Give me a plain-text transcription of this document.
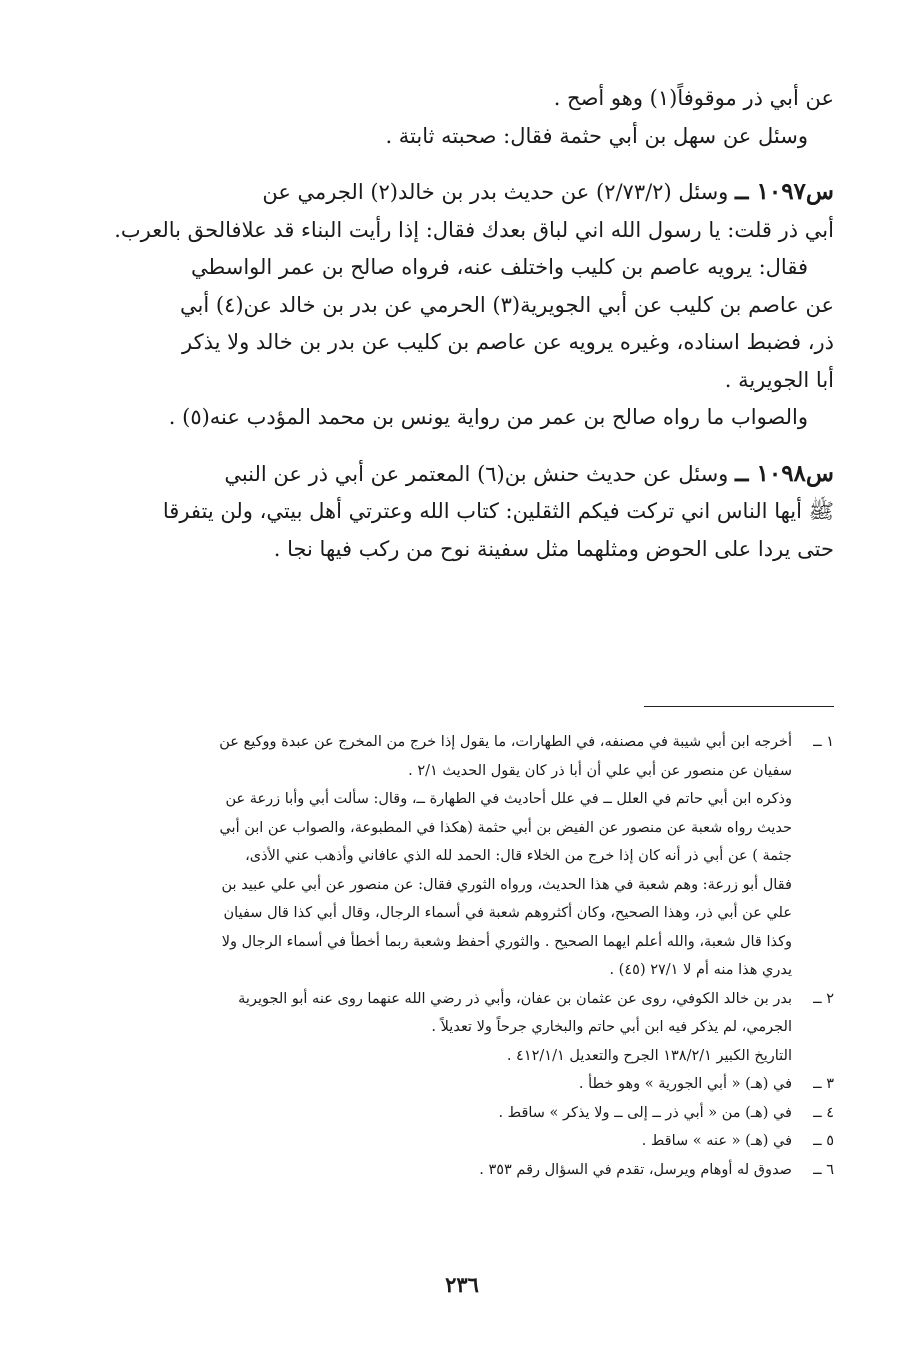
عن أبي ذر موقوفاً(١) وهو أصح .
وسئل عن سهل بن أبي حثمة فقال: صحبته ثابتة .
س١٠٩٧ ــ وسئل (٢/٧٣/٢) عن حديث بدر بن خالد(٢) الجرمي عن
أبي ذر قلت: يا رسول الله اني لباق بعدك فقال: إذا رأيت البناء قد علافالحق بالعرب.
فقال: يرويه عاصم بن كليب واختلف عنه، فرواه صالح بن عمر الواسطي
عن عاصم بن كليب عن أبي الجويرية(٣) الحرمي عن بدر بن خالد عن(٤) أبي
ذر، فضبط اسناده، وغيره يرويه عن عاصم بن كليب عن بدر بن خالد ولا يذكر
أبا الجويرية .
والصواب ما رواه صالح بن عمر من رواية يونس بن محمد المؤدب عنه(٥) .
س١٠٩٨ ــ وسئل عن حديث حنش بن(٦) المعتمر عن أبي ذر عن النبي
ﷺ أيها الناس اني تركت فيكم الثقلين: كتاب الله وعترتي أهل بيتي، ولن يتفرقا
حتى يردا على الحوض ومثلهما مثل سفينة نوح من ركب فيها نجا .
١ ــ
أخرجه ابن أبي شيبة في مصنفه، في الطهارات، ما يقول إذا خرج من المخرج عن عبدة ووكيع عن
سفيان عن منصور عن أبي علي أن أبا ذر كان يقول الحديث ٢/١ .
وذكره ابن أبي حاتم في العلل ــ في علل أحاديث في الطهارة ــ، وقال: سألت أبي وأبا زرعة عن
حديث رواه شعبة عن منصور عن الفيض بن أبي حثمة (هكذا في المطبوعة، والصواب عن ابن أبي
جثمة ) عن أبي ذر أنه كان إذا خرج من الخلاء قال: الحمد لله الذي عافاني وأذهب عني الأذى،
فقال أبو زرعة: وهم شعبة في هذا الحديث، ورواه الثوري فقال: عن منصور عن أبي علي عبيد بن
علي عن أبي ذر، وهذا الصحيح، وكان أكثروهم شعبة في أسماء الرجال، وقال أبي كذا قال سفيان
وكذا قال شعبة، والله أعلم ايهما الصحيح . والثوري أحفظ وشعبة ربما أخطأ في أسماء الرجال ولا
يدري هذا منه أم لا ٢٧/١ (٤٥) .
٢ ــ
بدر بن خالد الكوفي، روى عن عثمان بن عفان، وأبي ذر رضي الله عنهما روى عنه أبو الجويرية
الجرمي، لم يذكر فيه ابن أبي حاتم والبخاري جرحاً ولا تعديلاً .
التاريخ الكبير ١٣٨/٢/١ الجرح والتعديل ٤١٢/١/١ .
٣ ــ
في (هـ) « أبي الجورية » وهو خطأ .
٤ ــ
في (هـ) من « أبي ذر ــ إلى ــ ولا يذكر » ساقط .
٥ ــ
في (هـ) « عنه » ساقط .
٦ ــ
صدوق له أوهام ويرسل، تقدم في السؤال رقم ٣٥٣ .
٢٣٦
